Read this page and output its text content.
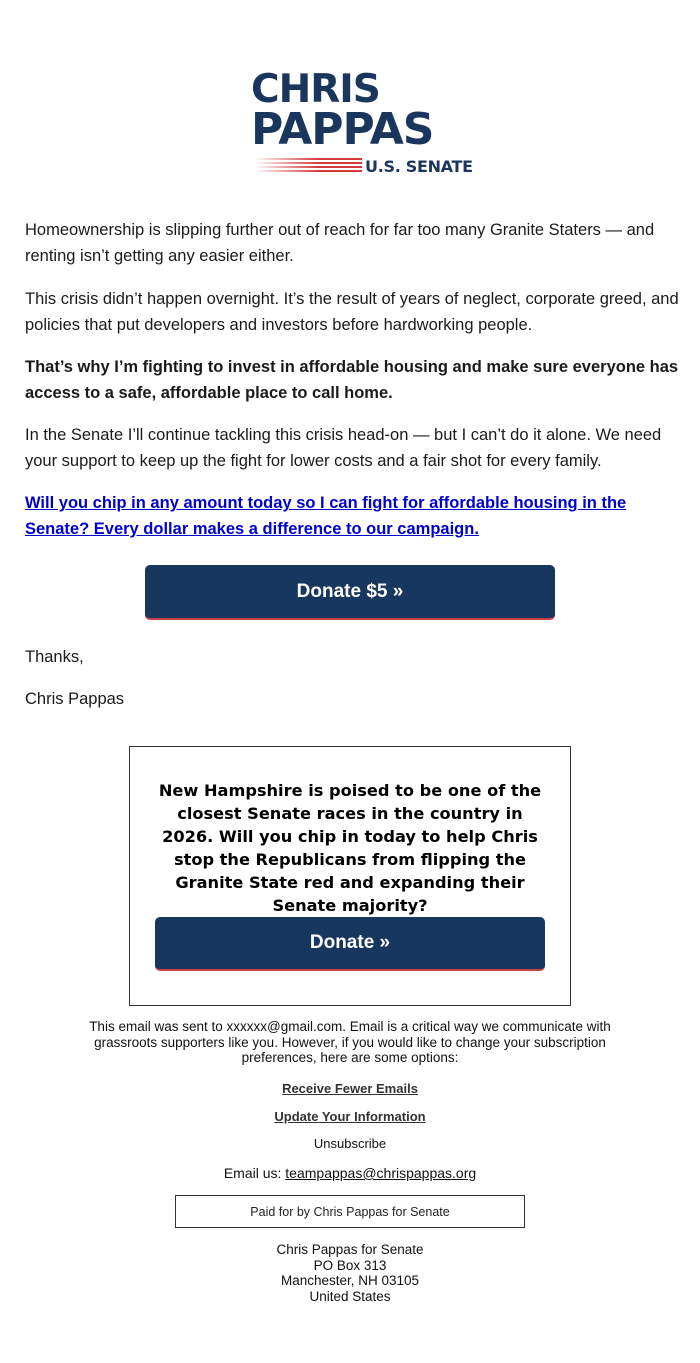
CHRIS
PAPPAS
U.S. SENATE

Homeownership is slipping further out of reach for far too many Granite Staters — and renting isn’t getting any easier either.

This crisis didn’t happen overnight. It’s the result of years of neglect, corporate greed, and policies that put developers and investors before hardworking people.

That’s why I’m fighting to invest in affordable housing and make sure everyone has access to a safe, affordable place to call home.

In the Senate I’ll continue tackling this crisis head-on — but I can’t do it alone. We need your support to keep up the fight for lower costs and a fair shot for every family.

Will you chip in any amount today so I can fight for affordable housing in the Senate? Every dollar makes a difference to our campaign.

Donate $5 »
Thanks,
Chris Pappas

New Hampshire is poised to be one of the closest Senate races in the country in 2026. Will you chip in today to help Chris stop the Republicans from flipping the Granite State red and expanding their Senate majority?

Donate »

This email was sent to xxxxxx@gmail.com. Email is a critical way we communicate with grassroots supporters like you. However, if you would like to change your subscription preferences, here are some options:

Receive Fewer Emails
Update Your Information
Unsubscribe
Email us: teampappas@chrispappas.org
Paid for by Chris Pappas for Senate
Chris Pappas for Senate
PO Box 313
Manchester, NH 03105
United States
